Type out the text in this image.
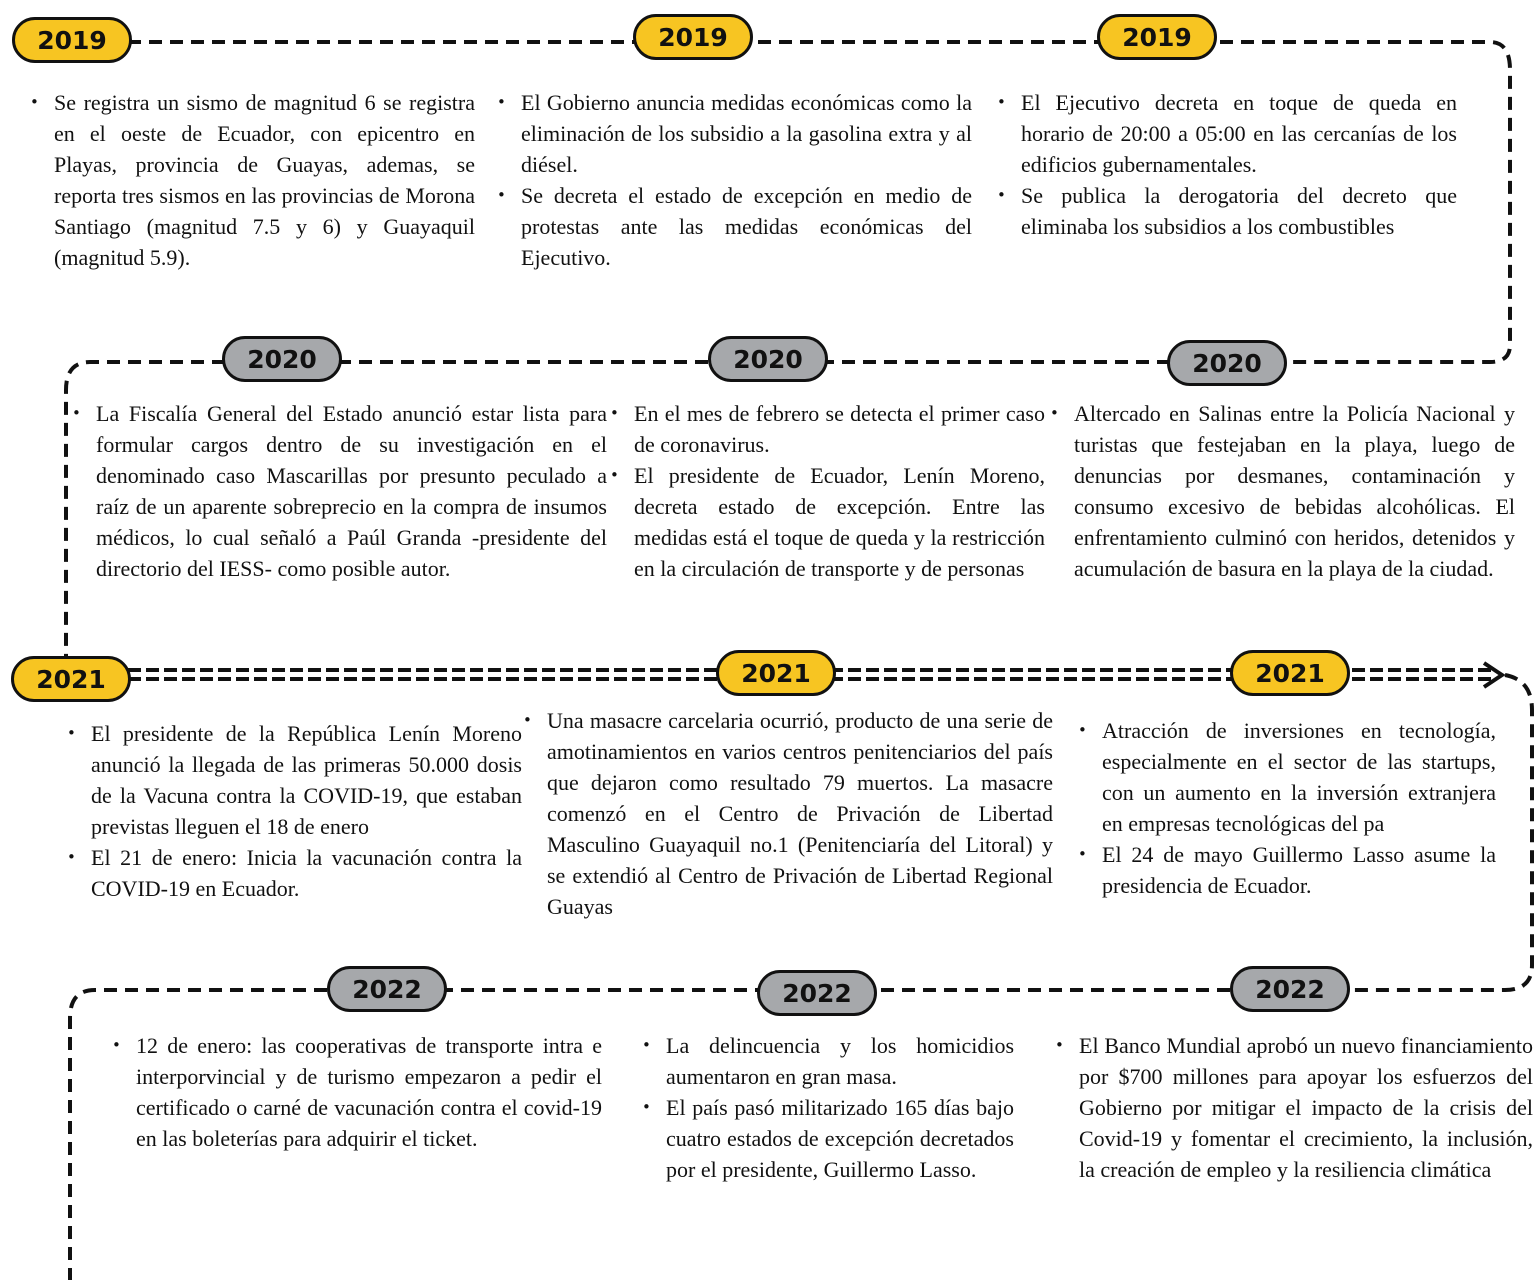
2019	2019	2019
• Se registra un sismo de magnitud 6 se registra en el oeste de Ecuador, con epicentro en Playas, provincia de Guayas, ademas, se reporta tres sismos en las provincias de Morona Santiago (magnitud 7.5 y 6) y Guayaquil (magnitud 5.9).
• El Gobierno anuncia medidas económicas como la eliminación de los subsidio a la gasolina extra y al diésel.
• Se decreta el estado de excepción en medio de protestas ante las medidas económicas del Ejecutivo.
• El Ejecutivo decreta en toque de queda en horario de 20:00 a 05:00 en las cercanías de los edificios gubernamentales.
• Se publica la derogatoria del decreto que eliminaba los subsidios a los combustibles
2020	2020	2020
• La Fiscalía General del Estado anunció estar lista para formular cargos dentro de su investigación en el denominado caso Mascarillas por presunto peculado a raíz de un aparente sobreprecio en la compra de insumos médicos, lo cual señaló a Paúl Granda -presidente del directorio del IESS- como posible autor.
• En el mes de febrero se detecta el primer caso de coronavirus.
• El presidente de Ecuador, Lenín Moreno, decreta estado de excepción. Entre las medidas está el toque de queda y la restricción en la circulación de transporte y de personas
• Altercado en Salinas entre la Policía Nacional y turistas que festejaban en la playa, luego de denuncias por desmanes, contaminación y consumo excesivo de bebidas alcohólicas. El enfrentamiento culminó con heridos, detenidos y acumulación de basura en la playa de la ciudad.
2021	2021	2021
• El presidente de la República Lenín Moreno anunció la llegada de las primeras 50.000 dosis de la Vacuna contra la COVID-19, que estaban previstas lleguen el 18 de enero
• El 21 de enero: Inicia la vacunación contra la COVID-19 en Ecuador.
• Una masacre carcelaria ocurrió, producto de una serie de amotinamientos en varios centros penitenciarios del país que dejaron como resultado 79 muertos. La masacre comenzó en el Centro de Privación de Libertad Masculino Guayaquil no.1 (Penitenciaría del Litoral) y se extendió al Centro de Privación de Libertad Regional Guayas
• Atracción de inversiones en tecnología, especialmente en el sector de las startups, con un aumento en la inversión extranjera en empresas tecnológicas del pa
• El 24 de mayo Guillermo Lasso asume la presidencia de Ecuador.
2022	2022	2022
• 12 de enero: las cooperativas de transporte intra e interporvincial y de turismo empezaron a pedir el certificado o carné de vacunación contra el covid-19 en las boleterías para adquirir el ticket.
• La delincuencia y los homicidios aumentaron en gran masa.
• El país pasó militarizado 165 días bajo cuatro estados de excepción decretados por el presidente, Guillermo Lasso.
• El Banco Mundial aprobó un nuevo financiamiento por $700 millones para apoyar los esfuerzos del Gobierno por mitigar el impacto de la crisis del Covid-19 y fomentar el crecimiento, la inclusión, la creación de empleo y la resiliencia climática
